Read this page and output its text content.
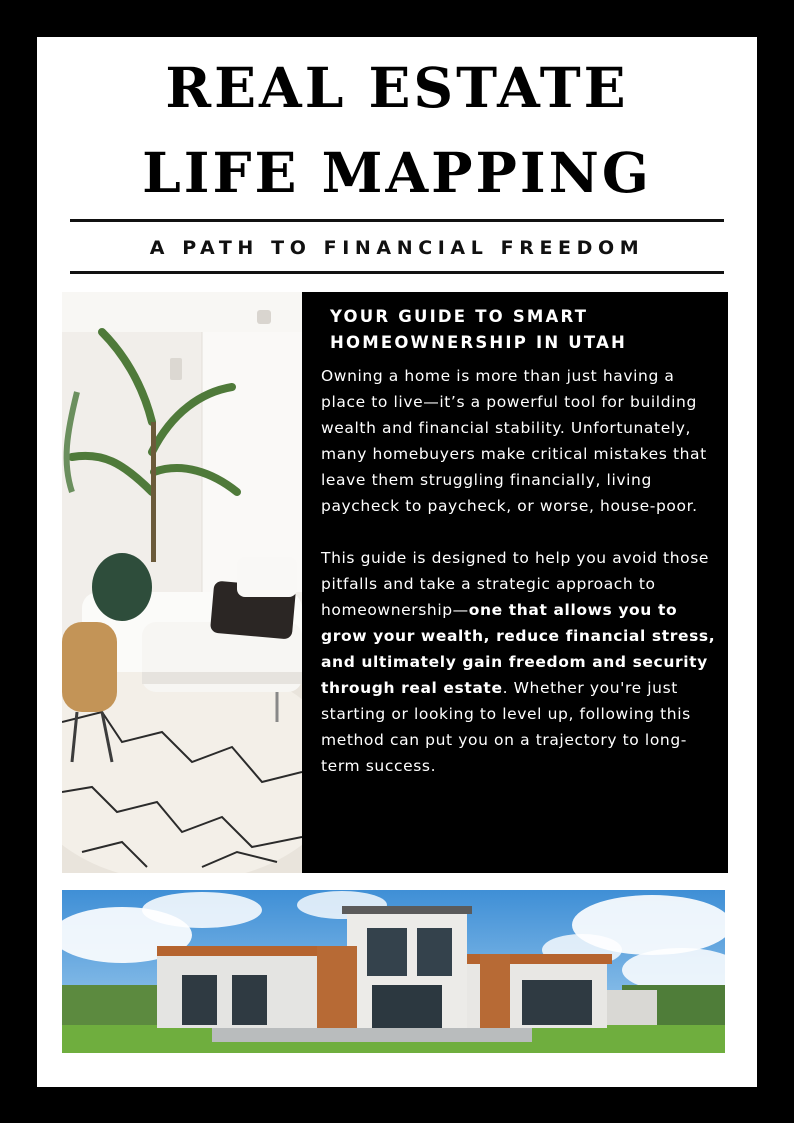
REAL ESTATE
LIFE MAPPING
A PATH TO FINANCIAL FREEDOM
YOUR GUIDE TO SMART
HOMEOWNERSHIP IN UTAH

Owning a home is more than just having a place to live—it’s a powerful tool for building wealth and financial stability. Unfortunately, many homebuyers make critical mistakes that leave them struggling financially, living paycheck to paycheck, or worse, house-poor.

This guide is designed to help you avoid those pitfalls and take a strategic approach to homeownership—one that allows you to grow your wealth, reduce financial stress, and ultimately gain freedom and security through real estate. Whether you're just starting or looking to level up, following this method can put you on a trajectory to long-term success.
